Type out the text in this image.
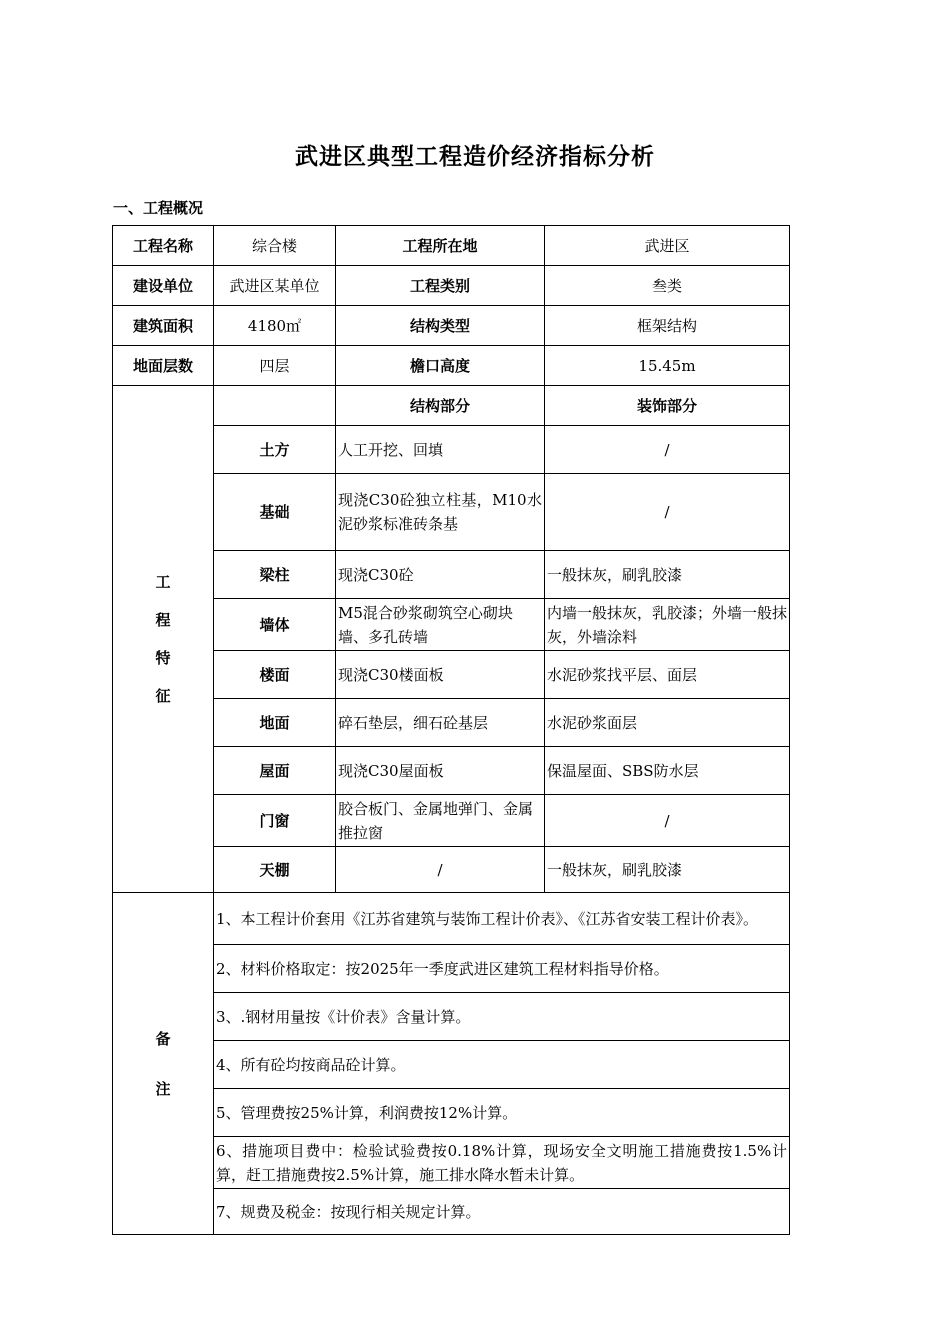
武进区典型工程造价经济指标分析
一、工程概况
工程名称	综合楼	工程所在地	武进区
建设单位	武进区某单位	工程类别	叁类
建筑面积	4180㎡	结构类型	框架结构
地面层数	四层	檐口高度	15.45m

工
程
特
征		结构部分	装饰部分
	土方	人工开挖、回填	/
	基础	现浇C30砼独立柱基，M10水泥砂浆标准砖条基	/
	梁柱	现浇C30砼	一般抹灰，刷乳胶漆
	墙体	M5混合砂浆砌筑空心砌块墙、多孔砖墙	内墙一般抹灰，乳胶漆；外墙一般抹灰，外墙涂料
	楼面	现浇C30楼面板	水泥砂浆找平层、面层
	地面	碎石垫层，细石砼基层	水泥砂浆面层
	屋面	现浇C30屋面板	保温屋面、SBS防水层
	门窗	胶合板门、金属地弹门、金属推拉窗	/
	天棚	/	一般抹灰，刷乳胶漆

备
注	1、本工程计价套用《江苏省建筑与装饰工程计价表》、《江苏省安装工程计价表》。		
	2、材料价格取定：按2025年一季度武进区建筑工程材料指导价格。		
	3、.钢材用量按《计价表》含量计算。		
	4、所有砼均按商品砼计算。		
	5、管理费按25%计算，利润费按12%计算。		
	6、措施项目费中：检验试验费按0.18%计算，现场安全文明施工措施费按1.5%计算，赶工措施费按2.5%计算，施工排水降水暂未计算。		
	7、规费及税金：按现行相关规定计算。		
